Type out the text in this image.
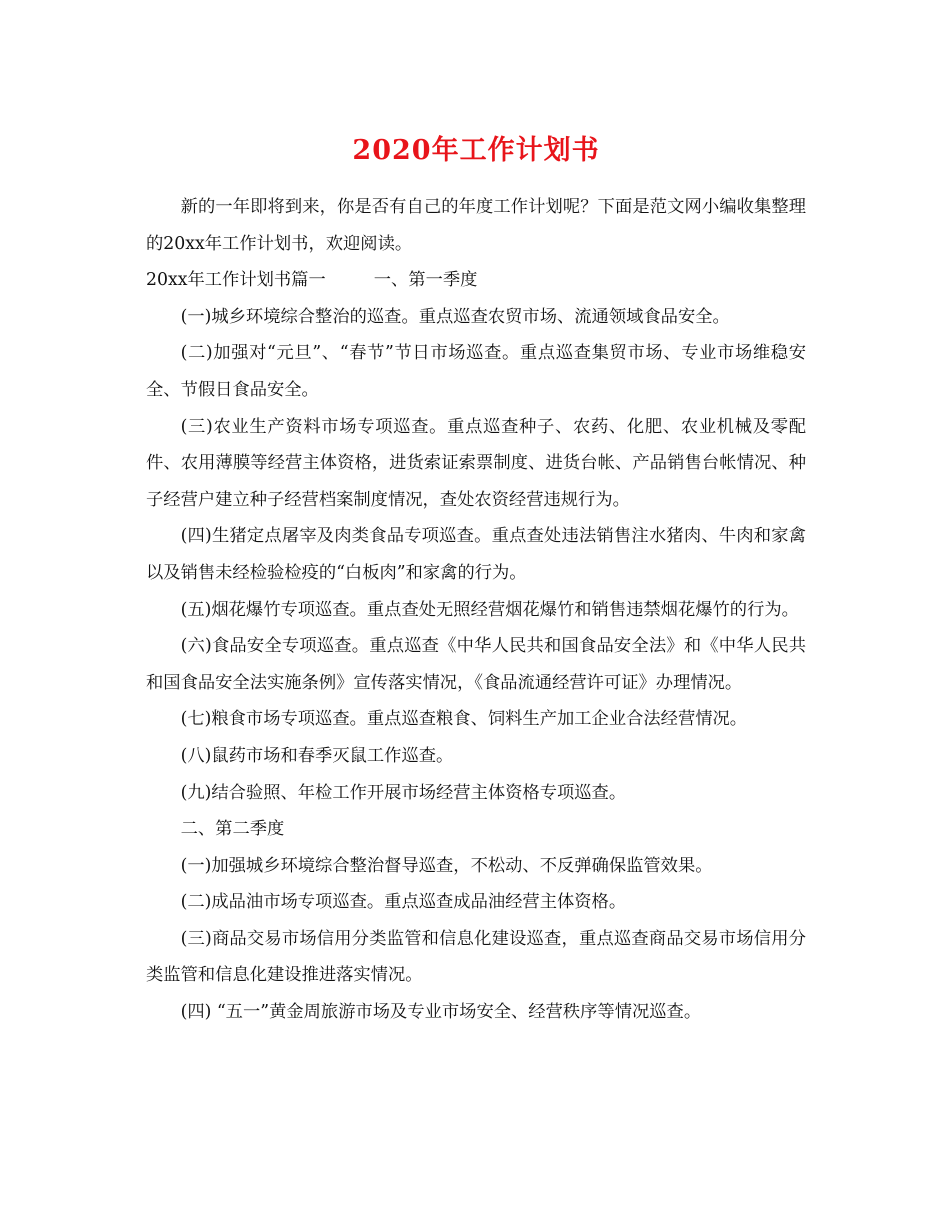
2020年工作计划书

新的一年即将到来，你是否有自己的年度工作计划呢？下面是范文网小编收集整理的20xx年工作计划书，欢迎阅读。

20xx年工作计划书篇一	一、第一季度

(一)城乡环境综合整治的巡查。重点巡查农贸市场、流通领域食品安全。

(二)加强对“元旦”、“春节”节日市场巡查。重点巡查集贸市场、专业市场维稳安全、节假日食品安全。

(三)农业生产资料市场专项巡查。重点巡查种子、农药、化肥、农业机械及零配件、农用薄膜等经营主体资格，进货索证索票制度、进货台帐、产品销售台帐情况、种子经营户建立种子经营档案制度情况，查处农资经营违规行为。

(四)生猪定点屠宰及肉类食品专项巡查。重点查处违法销售注水猪肉、牛肉和家禽以及销售未经检验检疫的“白板肉”和家禽的行为。

(五)烟花爆竹专项巡查。重点查处无照经营烟花爆竹和销售违禁烟花爆竹的行为。

(六)食品安全专项巡查。重点巡查《中华人民共和国食品安全法》和《中华人民共和国食品安全法实施条例》宣传落实情况，《食品流通经营许可证》办理情况。

(七)粮食市场专项巡查。重点巡查粮食、饲料生产加工企业合法经营情况。

(八)鼠药市场和春季灭鼠工作巡查。

(九)结合验照、年检工作开展市场经营主体资格专项巡查。

二、第二季度

(一)加强城乡环境综合整治督导巡查，不松动、不反弹确保监管效果。

(二)成品油市场专项巡查。重点巡查成品油经营主体资格。

(三)商品交易市场信用分类监管和信息化建设巡查，重点巡查商品交易市场信用分类监管和信息化建设推进落实情况。

(四) “五一”黄金周旅游市场及专业市场安全、经营秩序等情况巡查。
